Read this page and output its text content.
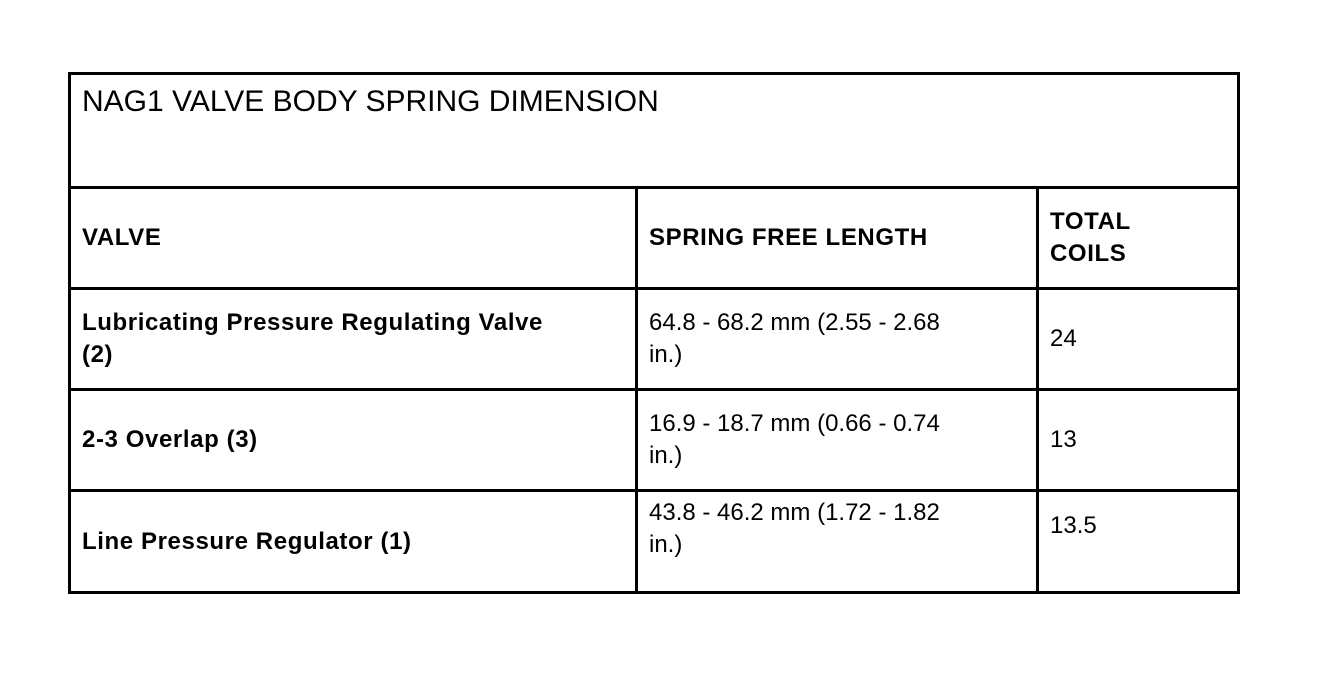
NAG1 VALVE BODY SPRING DIMENSION
VALVE	SPRING FREE LENGTH
TOTAL
COILS
Lubricating Pressure Regulating Valve
(2)
64.8 - 68.2 mm (2.55 - 2.68
in.)
24
2-3 Overlap (3)
16.9 - 18.7 mm (0.66 - 0.74
in.)
13
Line Pressure Regulator (1)
43.8 - 46.2 mm (1.72 - 1.82
in.)
13.5
